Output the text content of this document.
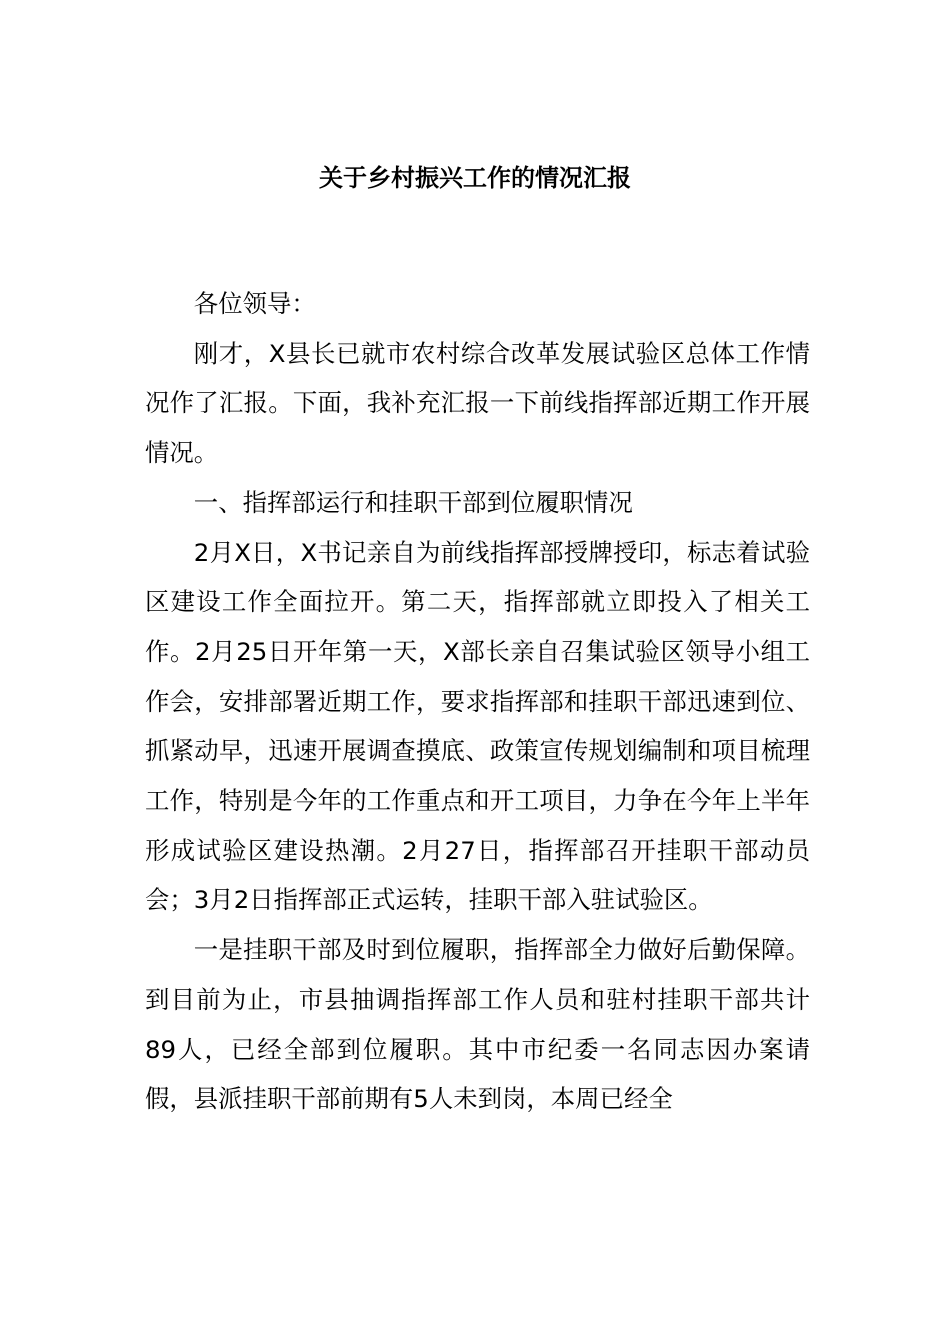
关于乡村振兴工作的情况汇报

各位领导：

刚才，X县长已就市农村综合改革发展试验区总体工作情况作了汇报。下面，我补充汇报一下前线指挥部近期工作开展情况。

一、指挥部运行和挂职干部到位履职情况

2月X日，X书记亲自为前线指挥部授牌授印，标志着试验区建设工作全面拉开。第二天，指挥部就立即投入了相关工作。2月25日开年第一天，X部长亲自召集试验区领导小组工作会，安排部署近期工作，要求指挥部和挂职干部迅速到位、抓紧动早，迅速开展调查摸底、政策宣传规划编制和项目梳理工作，特别是今年的工作重点和开工项目，力争在今年上半年形成试验区建设热潮。2月27日，指挥部召开挂职干部动员会；3月2日指挥部正式运转，挂职干部入驻试验区。

一是挂职干部及时到位履职，指挥部全力做好后勤保障。到目前为止，市县抽调指挥部工作人员和驻村挂职干部共计89人，已经全部到位履职。其中市纪委一名同志因办案请假，县派挂职干部前期有5人未到岗，本周已经全
